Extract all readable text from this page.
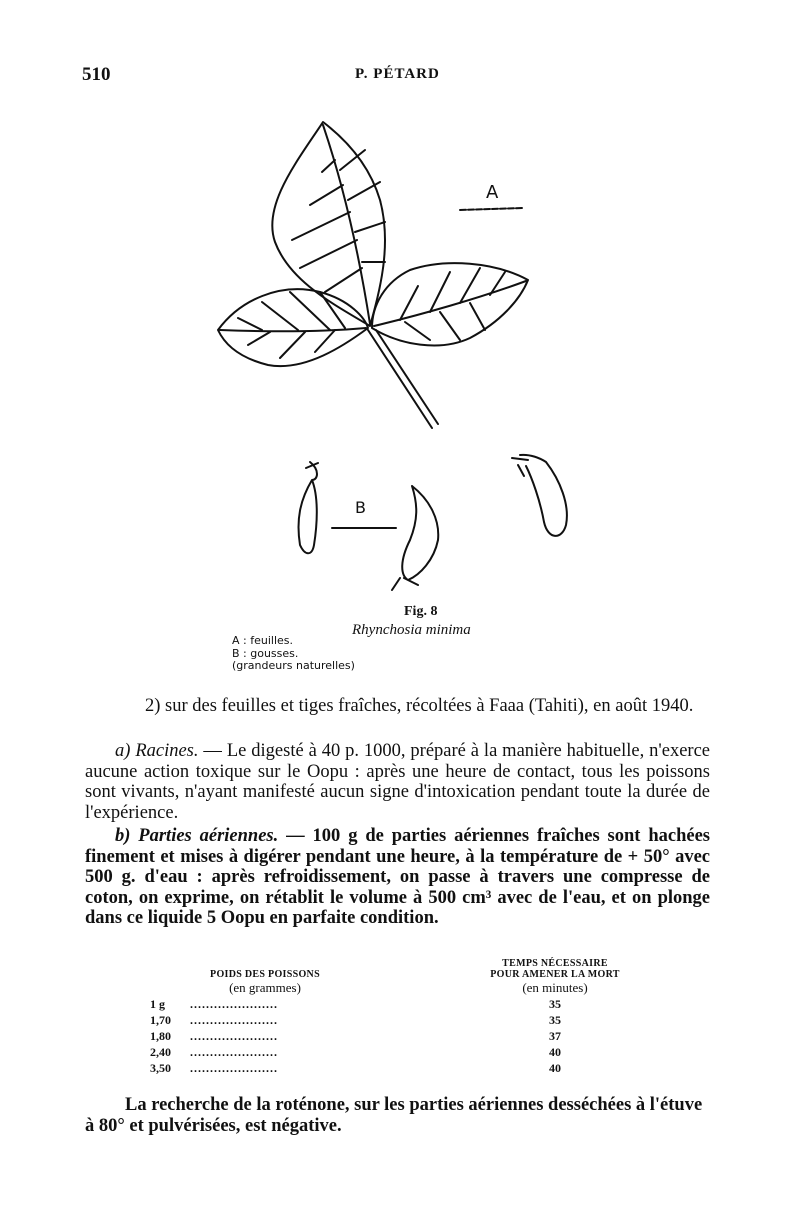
510	P. PÉTARD
A
B
Fig. 8
Rhynchosia minima
A : feuilles.
B : gousses.
(grandeurs naturelles)
2) sur des feuilles et tiges fraîches, récoltées à Faaa (Tahiti), en août 1940.
a) Racines. — Le digesté à 40 p. 1000, préparé à la manière habituelle, n'exerce aucune action toxique sur le Oopu : après une heure de contact, tous les poissons sont vivants, n'ayant manifesté aucun signe d'intoxication pendant toute la durée de l'expérience.
b) Parties aériennes. — 100 g de parties aériennes fraîches sont hachées finement et mises à digérer pendant une heure, à la température de + 50° avec 500 g. d'eau : après refroidissement, on passe à travers une compresse de coton, on exprime, on rétablit le volume à 500 cm³ avec de l'eau, et on plonge dans ce liquide 5 Oopu en parfaite condition.
POIDS DES POISSONS
(en grammes)		TEMPS NÉCESSAIRE
POUR AMENER LA MORT
(en minutes)

1 g ......................		35
1,70 ......................		35
1,80 ......................		37
2,40 ......................		40
3,50 ......................		40
La recherche de la roténone, sur les parties aériennes desséchées à l'étuve à 80° et pulvérisées, est négative.
